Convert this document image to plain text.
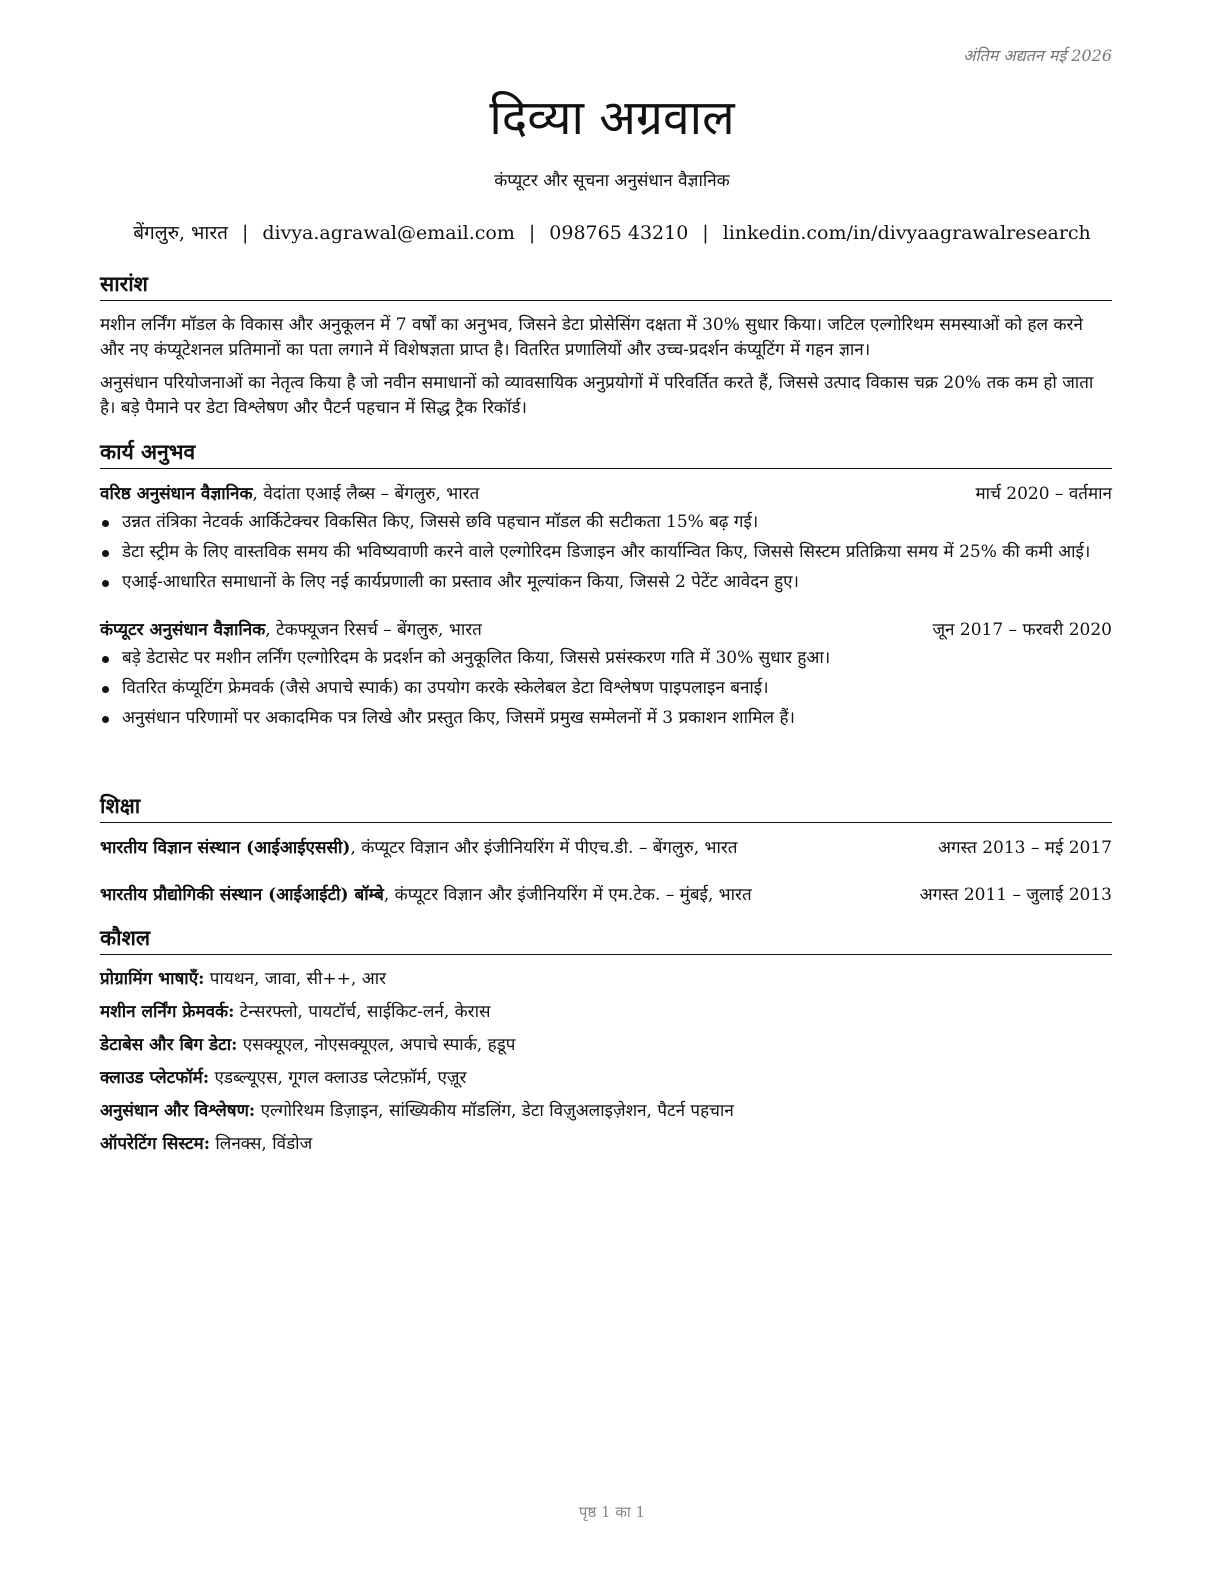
अंतिम अद्यतन मई 2026
दिव्या अग्रवाल
कंप्यूटर और सूचना अनुसंधान वैज्ञानिक
बेंगलुरु, भारत | divya.agrawal@email.com | 098765 43210 | linkedin.com/in/divyaagrawalresearch
सारांश

मशीन लर्निंग मॉडल के विकास और अनुकूलन में 7 वर्षों का अनुभव, जिसने डेटा प्रोसेसिंग दक्षता में 30% सुधार किया। जटिल एल्गोरिथम समस्याओं को हल करने और नए कंप्यूटेशनल प्रतिमानों का पता लगाने में विशेषज्ञता प्राप्त है। वितरित प्रणालियों और उच्च-प्रदर्शन कंप्यूटिंग में गहन ज्ञान।

अनुसंधान परियोजनाओं का नेतृत्व किया है जो नवीन समाधानों को व्यावसायिक अनुप्रयोगों में परिवर्तित करते हैं, जिससे उत्पाद विकास चक्र 20% तक कम हो जाता है। बड़े पैमाने पर डेटा विश्लेषण और पैटर्न पहचान में सिद्ध ट्रैक रिकॉर्ड।

कार्य अनुभव
वरिष्ठ अनुसंधान वैज्ञानिक, वेदांता एआई लैब्स – बेंगलुरु, भारत	मार्च 2020 – वर्तमान
उन्नत तंत्रिका नेटवर्क आर्किटेक्चर विकसित किए, जिससे छवि पहचान मॉडल की सटीकता 15% बढ़ गई।
डेटा स्ट्रीम के लिए वास्तविक समय की भविष्यवाणी करने वाले एल्गोरिदम डिजाइन और कार्यान्वित किए, जिससे सिस्टम प्रतिक्रिया समय में 25% की कमी आई।
एआई-आधारित समाधानों के लिए नई कार्यप्रणाली का प्रस्ताव और मूल्यांकन किया, जिससे 2 पेटेंट आवेदन हुए।
कंप्यूटर अनुसंधान वैज्ञानिक, टेकफ्यूजन रिसर्च – बेंगलुरु, भारत	जून 2017 – फरवरी 2020
बड़े डेटासेट पर मशीन लर्निंग एल्गोरिदम के प्रदर्शन को अनुकूलित किया, जिससे प्रसंस्करण गति में 30% सुधार हुआ।
वितरित कंप्यूटिंग फ्रेमवर्क (जैसे अपाचे स्पार्क) का उपयोग करके स्केलेबल डेटा विश्लेषण पाइपलाइन बनाई।
अनुसंधान परिणामों पर अकादमिक पत्र लिखे और प्रस्तुत किए, जिसमें प्रमुख सम्मेलनों में 3 प्रकाशन शामिल हैं।
शिक्षा
भारतीय विज्ञान संस्थान (आईआईएससी), कंप्यूटर विज्ञान और इंजीनियरिंग में पीएच.डी. – बेंगलुरु, भारत	अगस्त 2013 – मई 2017
भारतीय प्रौद्योगिकी संस्थान (आईआईटी) बॉम्बे, कंप्यूटर विज्ञान और इंजीनियरिंग में एम.टेक. – मुंबई, भारत	अगस्त 2011 – जुलाई 2013
कौशल
प्रोग्रामिंग भाषाएँ: पायथन, जावा, सी++, आर
मशीन लर्निंग फ्रेमवर्क: टेन्सरफ्लो, पायटॉर्च, साईकिट-लर्न, केरास
डेटाबेस और बिग डेटा: एसक्यूएल, नोएसक्यूएल, अपाचे स्पार्क, हडूप
क्लाउड प्लेटफॉर्म: एडब्ल्यूएस, गूगल क्लाउड प्लेटफ़ॉर्म, एज़ूर
अनुसंधान और विश्लेषण: एल्गोरिथम डिज़ाइन, सांख्यिकीय मॉडलिंग, डेटा विज़ुअलाइज़ेशन, पैटर्न पहचान
ऑपरेटिंग सिस्टम: लिनक्स, विंडोज
पृष्ठ 1 का 1
